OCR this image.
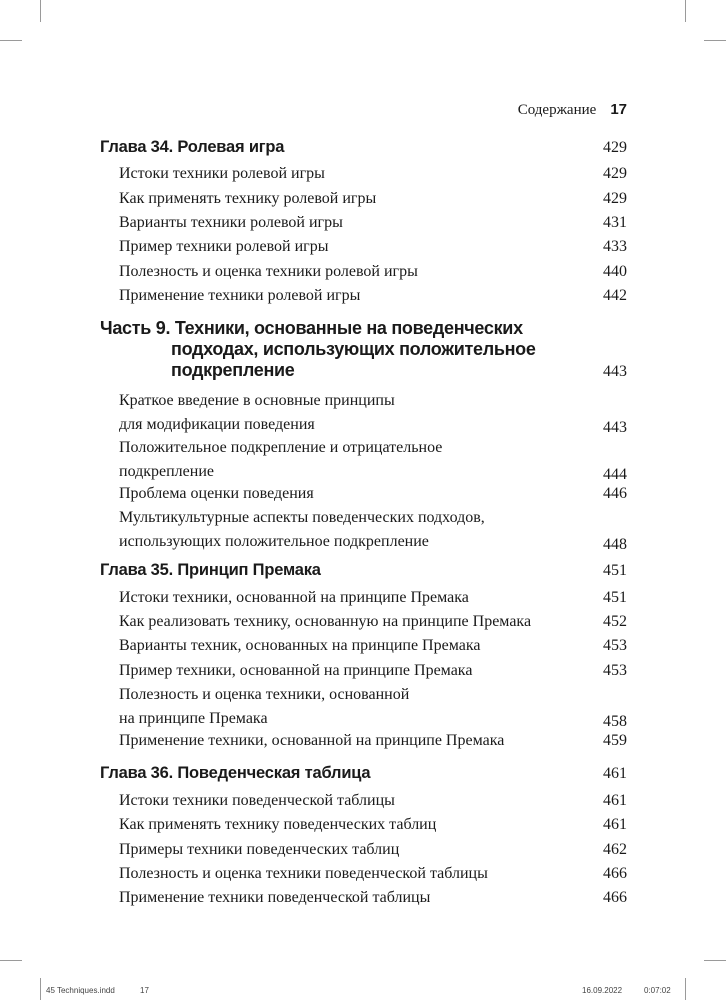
Содержание 17
Глава 34. Ролевая игра	429
Истоки техники ролевой игры	429
Как применять технику ролевой игры	429
Варианты техники ролевой игры	431
Пример техники ролевой игры	433
Полезность и оценка техники ролевой игры	440
Применение техники ролевой игры	442
Часть 9. Техники, основанные на поведенческих
подходах, использующих положительное
подкрепление	443
Краткое введение в основные принципы
для модификации поведения	443
Положительное подкрепление и отрицательное
подкрепление	444
Проблема оценки поведения	446
Мультикультурные аспекты поведенческих подходов,
использующих положительное подкрепление	448
Глава 35. Принцип Премака	451
Истоки техники, основанной на принципе Премака	451
Как реализовать технику, основанную на принципе Премака	452
Варианты техник, основанных на принципе Премака	453
Пример техники, основанной на принципе Премака	453
Полезность и оценка техники, основанной
на принципе Премака	458
Применение техники, основанной на принципе Премака	459
Глава 36. Поведенческая таблица	461
Истоки техники поведенческой таблицы	461
Как применять технику поведенческих таблиц	461
Примеры техники поведенческих таблиц	462
Полезность и оценка техники поведенческой таблицы	466
Применение техники поведенческой таблицы	466
45 Techniques.indd	17	16.09.2022	0:07:02
